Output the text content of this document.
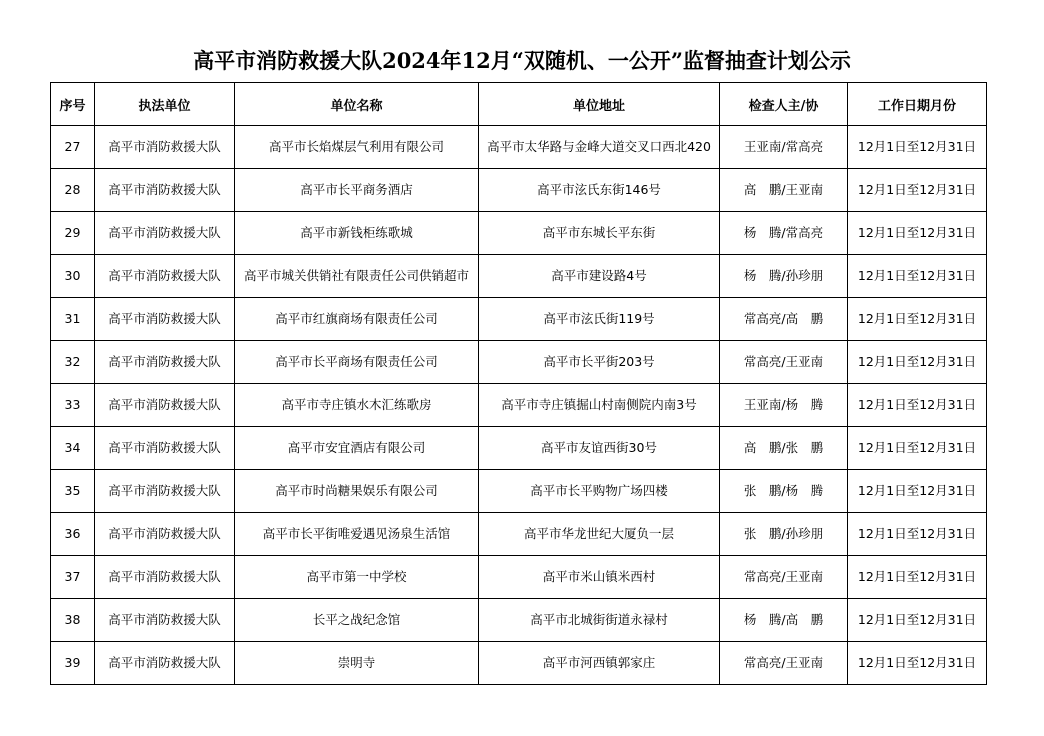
高平市消防救援大队2024年12月“双随机、一公开”监督抽查计划公示
序号	执法单位	单位名称	单位地址	检查人主/协	工作日期月份
27	高平市消防救援大队	高平市长焰煤层气利用有限公司	高平市太华路与金峰大道交叉口西北420	王亚南/常高亮	12月1日至12月31日
28	高平市消防救援大队	高平市长平商务酒店	高平市泫氏东街146号	高　鹏/王亚南	12月1日至12月31日
29	高平市消防救援大队	高平市新钱柜练歌城	高平市东城长平东街	杨　腾/常高亮	12月1日至12月31日
30	高平市消防救援大队	高平市城关供销社有限责任公司供销超市	高平市建设路4号	杨　腾/孙珍朋	12月1日至12月31日
31	高平市消防救援大队	高平市红旗商场有限责任公司	高平市泫氏街119号	常高亮/高　鹏	12月1日至12月31日
32	高平市消防救援大队	高平市长平商场有限责任公司	高平市长平街203号	常高亮/王亚南	12月1日至12月31日
33	高平市消防救援大队	高平市寺庄镇水木汇练歌房	高平市寺庄镇掘山村南侧院内南3号	王亚南/杨　腾	12月1日至12月31日
34	高平市消防救援大队	高平市安宜酒店有限公司	高平市友谊西街30号	高　鹏/张　鹏	12月1日至12月31日
35	高平市消防救援大队	高平市时尚糖果娱乐有限公司	高平市长平购物广场四楼	张　鹏/杨　腾	12月1日至12月31日
36	高平市消防救援大队	高平市长平街唯爱遇见汤泉生活馆	高平市华龙世纪大厦负一层	张　鹏/孙珍朋	12月1日至12月31日
37	高平市消防救援大队	高平市第一中学校	高平市米山镇米西村	常高亮/王亚南	12月1日至12月31日
38	高平市消防救援大队	长平之战纪念馆	高平市北城街街道永禄村	杨　腾/高　鹏	12月1日至12月31日
39	高平市消防救援大队	崇明寺	高平市河西镇郭家庄	常高亮/王亚南	12月1日至12月31日
